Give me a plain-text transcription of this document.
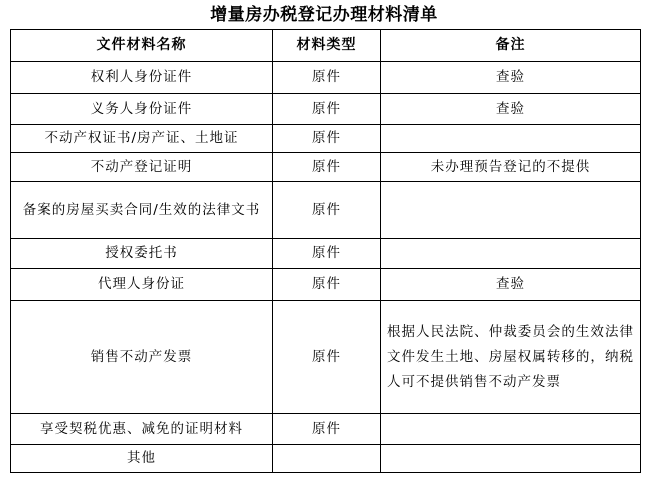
增量房办税登记办理材料清单
文件材料名称	材料类型	备注
权利人身份证件	原件	查验
义务人身份证件	原件	查验
不动产权证书/房产证、土地证	原件	
不动产登记证明	原件	未办理预告登记的不提供
备案的房屋买卖合同/生效的法律文书	原件	
授权委托书	原件	
代理人身份证	原件	查验
销售不动产发票	原件	根据人民法院、仲裁委员会的生效法律文件发生土地、房屋权属转移的，纳税人可不提供销售不动产发票
享受契税优惠、减免的证明材料	原件	
其他		
